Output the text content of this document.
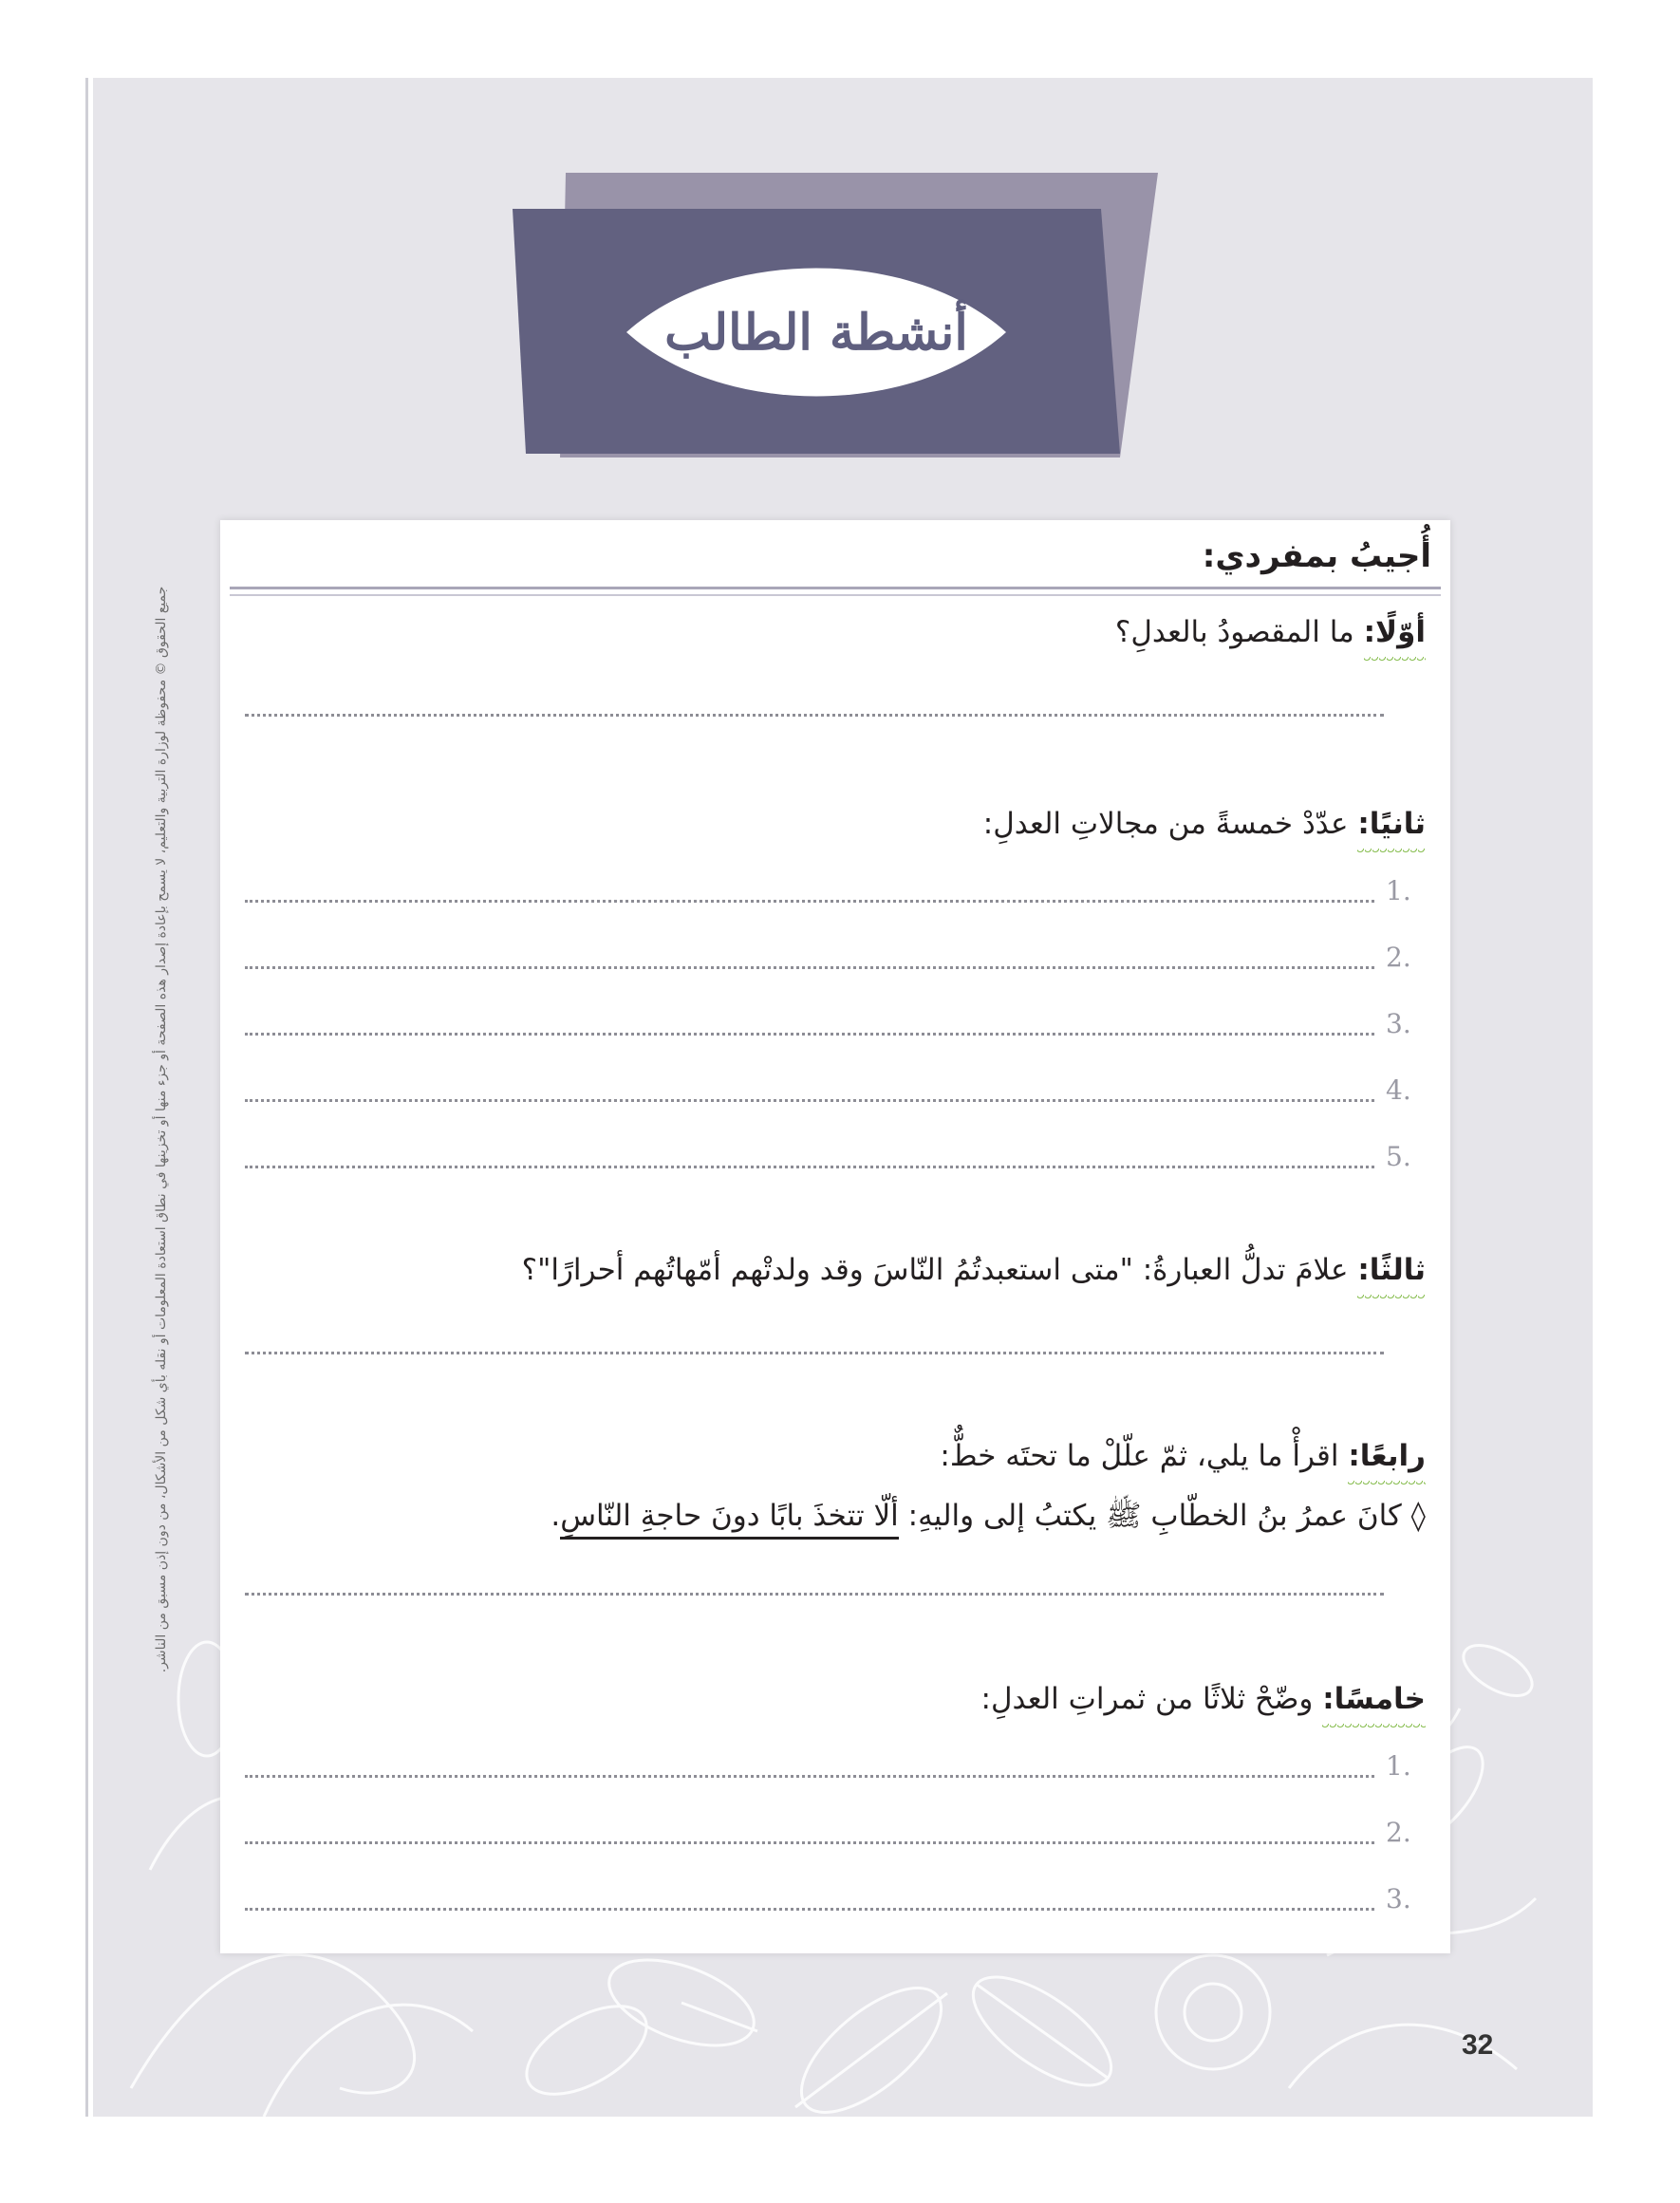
أنشطة الطالب
جميع الحقوق © محفوظة لوزارة التربية والتعليم، لا يسمح بإعادة إصدار هذه الصفحة أو جزء منها أو تخزينها في نطاق استعادة المعلومات أو نقله بأي شكل من الأشكال، من دون إذن مسبق من الناشر.
أُجيبُ بمفردي:
أوّلًا: ما المقصودُ بالعدلِ؟
ثانيًا: عدّدْ خمسةً من مجالاتِ العدلِ:
1.
2.
3.
4.
5.
ثالثًا: علامَ تدلُّ العبارةُ: "متى استعبدتُمُ النّاسَ وقد ولدتْهم أمّهاتُهم أحرارًا"؟
رابعًا: اقرأْ ما يلي، ثمّ علّلْ ما تحتَه خطٌّ:
◊ كانَ عمرُ بنُ الخطّابِ ﷺ يكتبُ إلى واليهِ: ألّا تتخذَ بابًا دونَ حاجةِ النّاسِ.
خامسًا: وضّحْ ثلاثًا من ثمراتِ العدلِ:
1.
2.
3.
32
